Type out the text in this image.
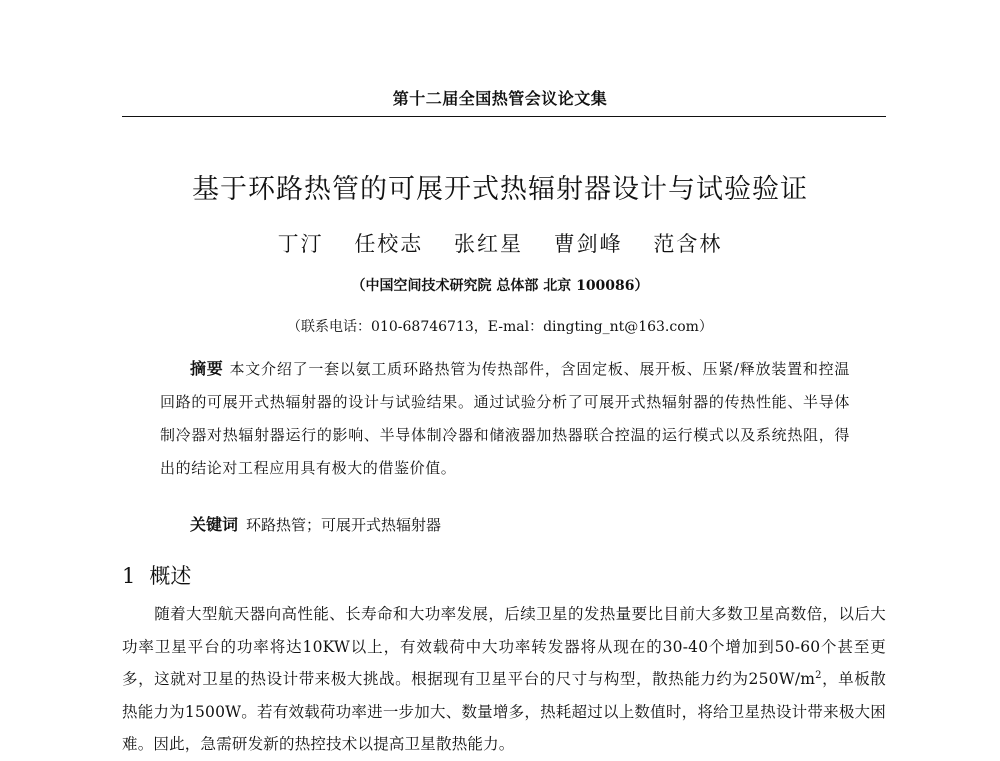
第十二届全国热管会议论文集
基于环路热管的可展开式热辐射器设计与试验验证
丁汀 任校志 张红星 曹剑峰 范含林
（中国空间技术研究院 总体部 北京 100086）
（联系电话：010-68746713，E-mal：dingting_nt@163.com）
摘要 本文介绍了一套以氨工质环路热管为传热部件，含固定板、展开板、压紧/释放装置和控温回路的可展开式热辐射器的设计与试验结果。通过试验分析了可展开式热辐射器的传热性能、半导体制冷器对热辐射器运行的影响、半导体制冷器和储液器加热器联合控温的运行模式以及系统热阻，得出的结论对工程应用具有极大的借鉴价值。
关键词 环路热管；可展开式热辐射器
1 概述
随着大型航天器向高性能、长寿命和大功率发展，后续卫星的发热量要比目前大多数卫星高数倍，以后大功率卫星平台的功率将达10KW以上，有效载荷中大功率转发器将从现在的30-40个增加到50-60个甚至更多，这就对卫星的热设计带来极大挑战。根据现有卫星平台的尺寸与构型，散热能力约为$250W/m^2$，单板散热能力为1500W。若有效载荷功率进一步加大、数量增多，热耗超过以上数值时，将给卫星热设计带来极大困难。因此，急需研发新的热控技术以提高卫星散热能力。
